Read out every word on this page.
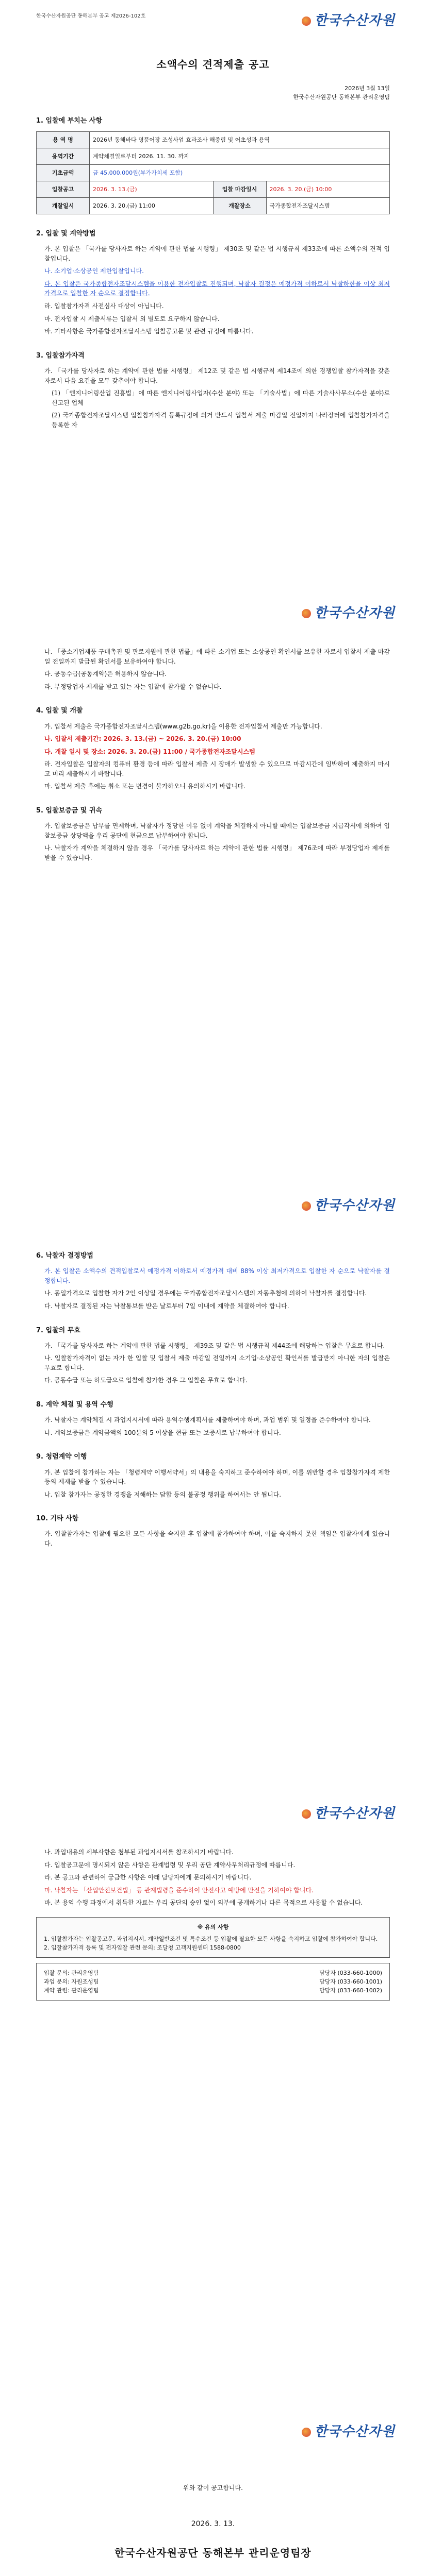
한국수산자원공단 동해본부 공고 제2026-102호	한국수산자원
소액수의 견적제출 공고
2026년 3월 13일
한국수산자원공단 동해본부 관리운영팀
1. 입찰에 부치는 사항
용 역 명	2026년 동해바다 명품어장 조성사업 효과조사 해중림 및 어초성과 용역		
용역기간	계약체결일로부터 2026. 11. 30. 까지		
기초금액	금 45,000,000원(부가가치세 포함)		
입찰공고	2026. 3. 13.(금)	입찰 마감일시	2026. 3. 20.(금) 10:00
개찰일시	2026. 3. 20.(금) 11:00	개찰장소	국가종합전자조달시스템
2. 입찰 및 계약방법
가. 본 입찰은 「국가를 당사자로 하는 계약에 관한 법률 시행령」 제30조 및 같은 법 시행규칙 제33조에 따른 소액수의 견적 입찰입니다.
나. 소기업·소상공인 제한입찰입니다.
다. 본 입찰은 국가종합전자조달시스템을 이용한 전자입찰로 진행되며, 낙찰자 결정은 예정가격 이하로서 낙찰하한율 이상 최저가격으로 입찰한 자 순으로 결정합니다.
라. 입찰참가자격 사전심사 대상이 아닙니다.
마. 전자입찰 시 제출서류는 입찰서 외 별도로 요구하지 않습니다.
바. 기타사항은 국가종합전자조달시스템 입찰공고문 및 관련 규정에 따릅니다.
3. 입찰참가자격
가. 「국가를 당사자로 하는 계약에 관한 법률 시행령」 제12조 및 같은 법 시행규칙 제14조에 의한 경쟁입찰 참가자격을 갖춘 자로서 다음 요건을 모두 갖추어야 합니다.
(1) 「엔지니어링산업 진흥법」에 따른 엔지니어링사업자(수산 분야) 또는 「기술사법」에 따른 기술사사무소(수산 분야)로 신고된 업체
(2) 국가종합전자조달시스템 입찰참가자격 등록규정에 의거 반드시 입찰서 제출 마감일 전일까지 나라장터에 입찰참가자격을 등록한 자
한국수산자원
나. 「중소기업제품 구매촉진 및 판로지원에 관한 법률」에 따른 소기업 또는 소상공인 확인서를 보유한 자로서 입찰서 제출 마감일 전일까지 발급된 확인서를 보유하여야 합니다.
다. 공동수급(공동계약)은 허용하지 않습니다.
라. 부정당업자 제재를 받고 있는 자는 입찰에 참가할 수 없습니다.
4. 입찰 및 개찰
가. 입찰서 제출은 국가종합전자조달시스템(www.g2b.go.kr)을 이용한 전자입찰서 제출만 가능합니다.
나. 입찰서 제출기간: 2026. 3. 13.(금) ~ 2026. 3. 20.(금) 10:00
다. 개찰 일시 및 장소: 2026. 3. 20.(금) 11:00 / 국가종합전자조달시스템
라. 전자입찰은 입찰자의 컴퓨터 환경 등에 따라 입찰서 제출 시 장애가 발생할 수 있으므로 마감시간에 임박하여 제출하지 마시고 미리 제출하시기 바랍니다.
마. 입찰서 제출 후에는 취소 또는 변경이 불가하오니 유의하시기 바랍니다.
5. 입찰보증금 및 귀속
가. 입찰보증금은 납부를 면제하며, 낙찰자가 정당한 이유 없이 계약을 체결하지 아니할 때에는 입찰보증금 지급각서에 의하여 입찰보증금 상당액을 우리 공단에 현금으로 납부하여야 합니다.
나. 낙찰자가 계약을 체결하지 않을 경우 「국가를 당사자로 하는 계약에 관한 법률 시행령」 제76조에 따라 부정당업자 제재를 받을 수 있습니다.
한국수산자원
6. 낙찰자 결정방법
가. 본 입찰은 소액수의 견적입찰로서 예정가격 이하로서 예정가격 대비 88% 이상 최저가격으로 입찰한 자 순으로 낙찰자를 결정합니다.
나. 동일가격으로 입찰한 자가 2인 이상일 경우에는 국가종합전자조달시스템의 자동추첨에 의하여 낙찰자를 결정합니다.
다. 낙찰자로 결정된 자는 낙찰통보를 받은 날로부터 7일 이내에 계약을 체결하여야 합니다.
7. 입찰의 무효
가. 「국가를 당사자로 하는 계약에 관한 법률 시행령」 제39조 및 같은 법 시행규칙 제44조에 해당하는 입찰은 무효로 합니다.
나. 입찰참가자격이 없는 자가 한 입찰 및 입찰서 제출 마감일 전일까지 소기업·소상공인 확인서를 발급받지 아니한 자의 입찰은 무효로 합니다.
다. 공동수급 또는 하도급으로 입찰에 참가한 경우 그 입찰은 무효로 합니다.
8. 계약 체결 및 용역 수행
가. 낙찰자는 계약체결 시 과업지시서에 따라 용역수행계획서를 제출하여야 하며, 과업 범위 및 일정을 준수하여야 합니다.
나. 계약보증금은 계약금액의 100분의 5 이상을 현금 또는 보증서로 납부하여야 합니다.
9. 청렴계약 이행
가. 본 입찰에 참가하는 자는 「청렴계약 이행서약서」의 내용을 숙지하고 준수하여야 하며, 이를 위반할 경우 입찰참가자격 제한 등의 제재를 받을 수 있습니다.
나. 입찰 참가자는 공정한 경쟁을 저해하는 담합 등의 불공정 행위를 하여서는 안 됩니다.
10. 기타 사항
가. 입찰참가자는 입찰에 필요한 모든 사항을 숙지한 후 입찰에 참가하여야 하며, 이를 숙지하지 못한 책임은 입찰자에게 있습니다.
한국수산자원
나. 과업내용의 세부사항은 첨부된 과업지시서를 참조하시기 바랍니다.
다. 입찰공고문에 명시되지 않은 사항은 관계법령 및 우리 공단 계약사무처리규정에 따릅니다.
라. 본 공고와 관련하여 궁금한 사항은 아래 담당자에게 문의하시기 바랍니다.
마. 낙찰자는 「산업안전보건법」 등 관계법령을 준수하여 안전사고 예방에 만전을 기하여야 합니다.
바. 본 용역 수행 과정에서 취득한 자료는 우리 공단의 승인 없이 외부에 공개하거나 다른 목적으로 사용할 수 없습니다.
※ 유의 사항
1. 입찰참가자는 입찰공고문, 과업지시서, 계약일반조건 및 특수조건 등 입찰에 필요한 모든 사항을 숙지하고 입찰에 참가하여야 합니다.
2. 입찰참가자격 등록 및 전자입찰 관련 문의: 조달청 고객지원센터 1588-0800
입찰 문의: 관리운영팀	담당자 (033-660-1000)
과업 문의: 자원조성팀	담당자 (033-660-1001)
계약 관련: 관리운영팀	담당자 (033-660-1002)
한국수산자원
위와 같이 공고합니다.
2026. 3. 13.
한국수산자원공단 동해본부 관리운영팀장
